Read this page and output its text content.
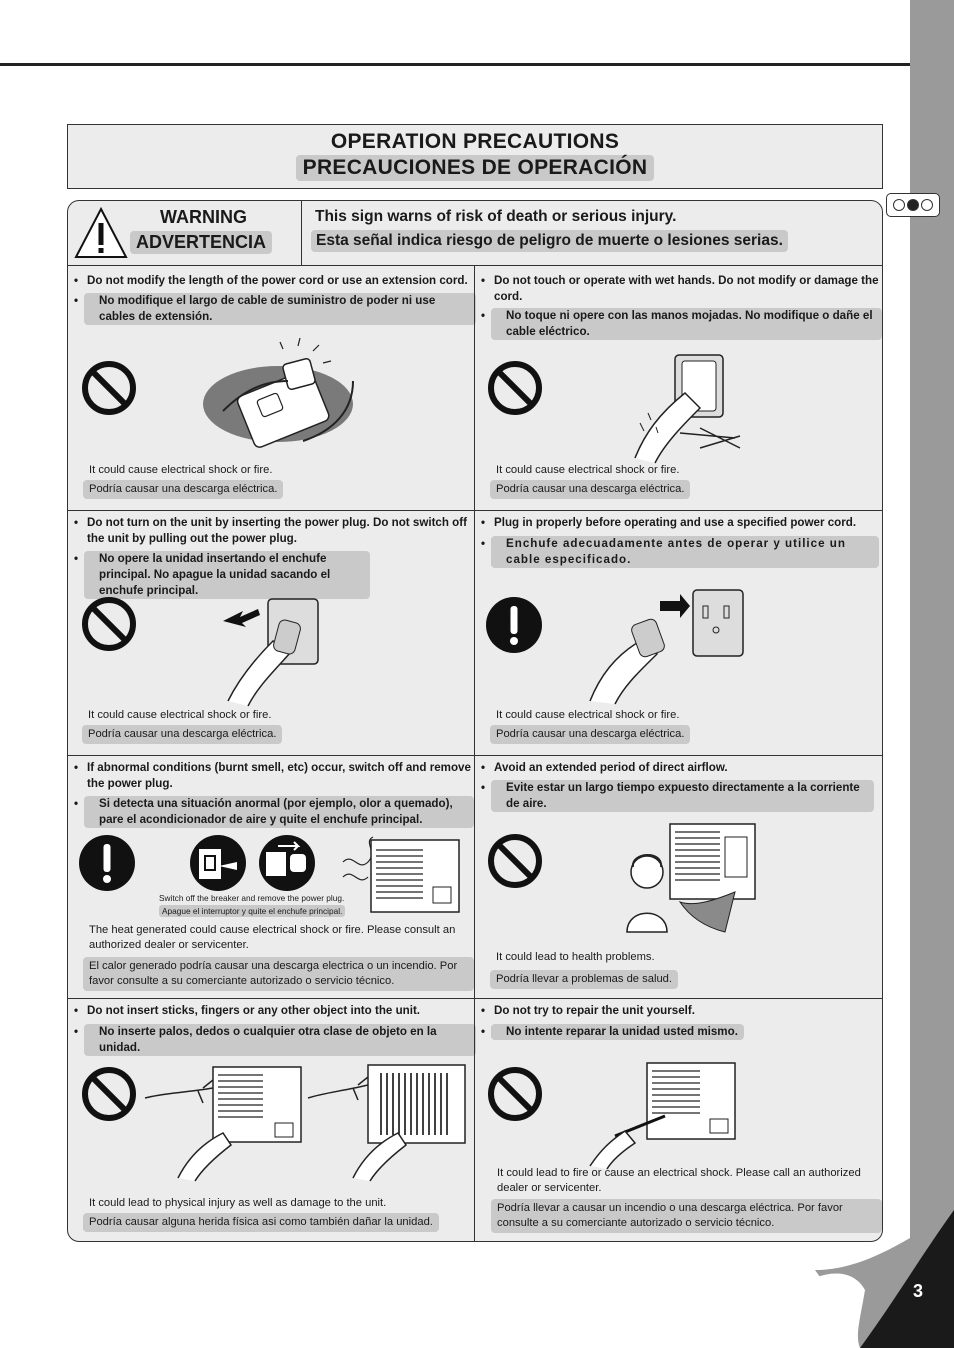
OPERATION PRECAUTIONS
PRECAUCIONES DE OPERACIÓN
WARNING
ADVERTENCIA
This sign warns of risk of death or serious injury.
Esta señal indica riesgo de peligro de muerte o lesiones serias.
• Do not modify the length of the power cord or use an extension cord.
• No modifique el largo de cable de suministro de poder ni use cables de extensión.
It could cause electrical shock or fire.
Podría causar una descarga eléctrica.
• Do not touch or operate with wet hands. Do not modify or damage the cord.
• No toque ni opere con las manos mojadas. No modifique o dañe el cable eléctrico.
It could cause electrical shock or fire.
Podría causar una descarga eléctrica.
• Do not turn on the unit by inserting the power plug. Do not switch off the unit by pulling out the power plug.
• No opere la unidad insertando el enchufe principal. No apague la unidad sacando el enchufe principal.
It could cause electrical shock or fire.
Podría causar una descarga eléctrica.
• Plug in properly before operating and use a specified power cord.
• Enchufe adecuadamente antes de operar y utilice un cable especificado.
It could cause electrical shock or fire.
Podría causar una descarga eléctrica.
• If abnormal conditions (burnt smell, etc) occur, switch off and remove the power plug.
• Si detecta una situación anormal (por ejemplo, olor a quemado), pare el acondicionador de aire y quite el enchufe principal.
Switch off the breaker and remove the power plug.
Apague el interruptor y quite el enchufe principal.
The heat generated could cause electrical shock or fire. Please consult an authorized dealer or servicenter.
El calor generado podría causar una descarga electrica o un incendio. Por favor consulte a su comerciante autorizado o servicio técnico.
• Avoid an extended period of direct airflow.
• Evite estar un largo tiempo expuesto directamente a la corriente de aire.
It could lead to health problems.
Podría llevar a problemas de salud.
• Do not insert sticks, fingers or any other object into the unit.
• No inserte palos, dedos o cualquier otra clase de objeto en la unidad.
It could lead to physical injury as well as damage to the unit.
Podría causar alguna herida física asi como también dañar la unidad.
• Do not try to repair the unit yourself.
• No intente reparar la unidad usted mismo.
It could lead to fire or cause an electrical shock. Please call an authorized dealer or servicenter.
Podría llevar a causar un incendio o una descarga eléctrica. Por favor consulte a su comerciante autorizado o servicio técnico.
3
